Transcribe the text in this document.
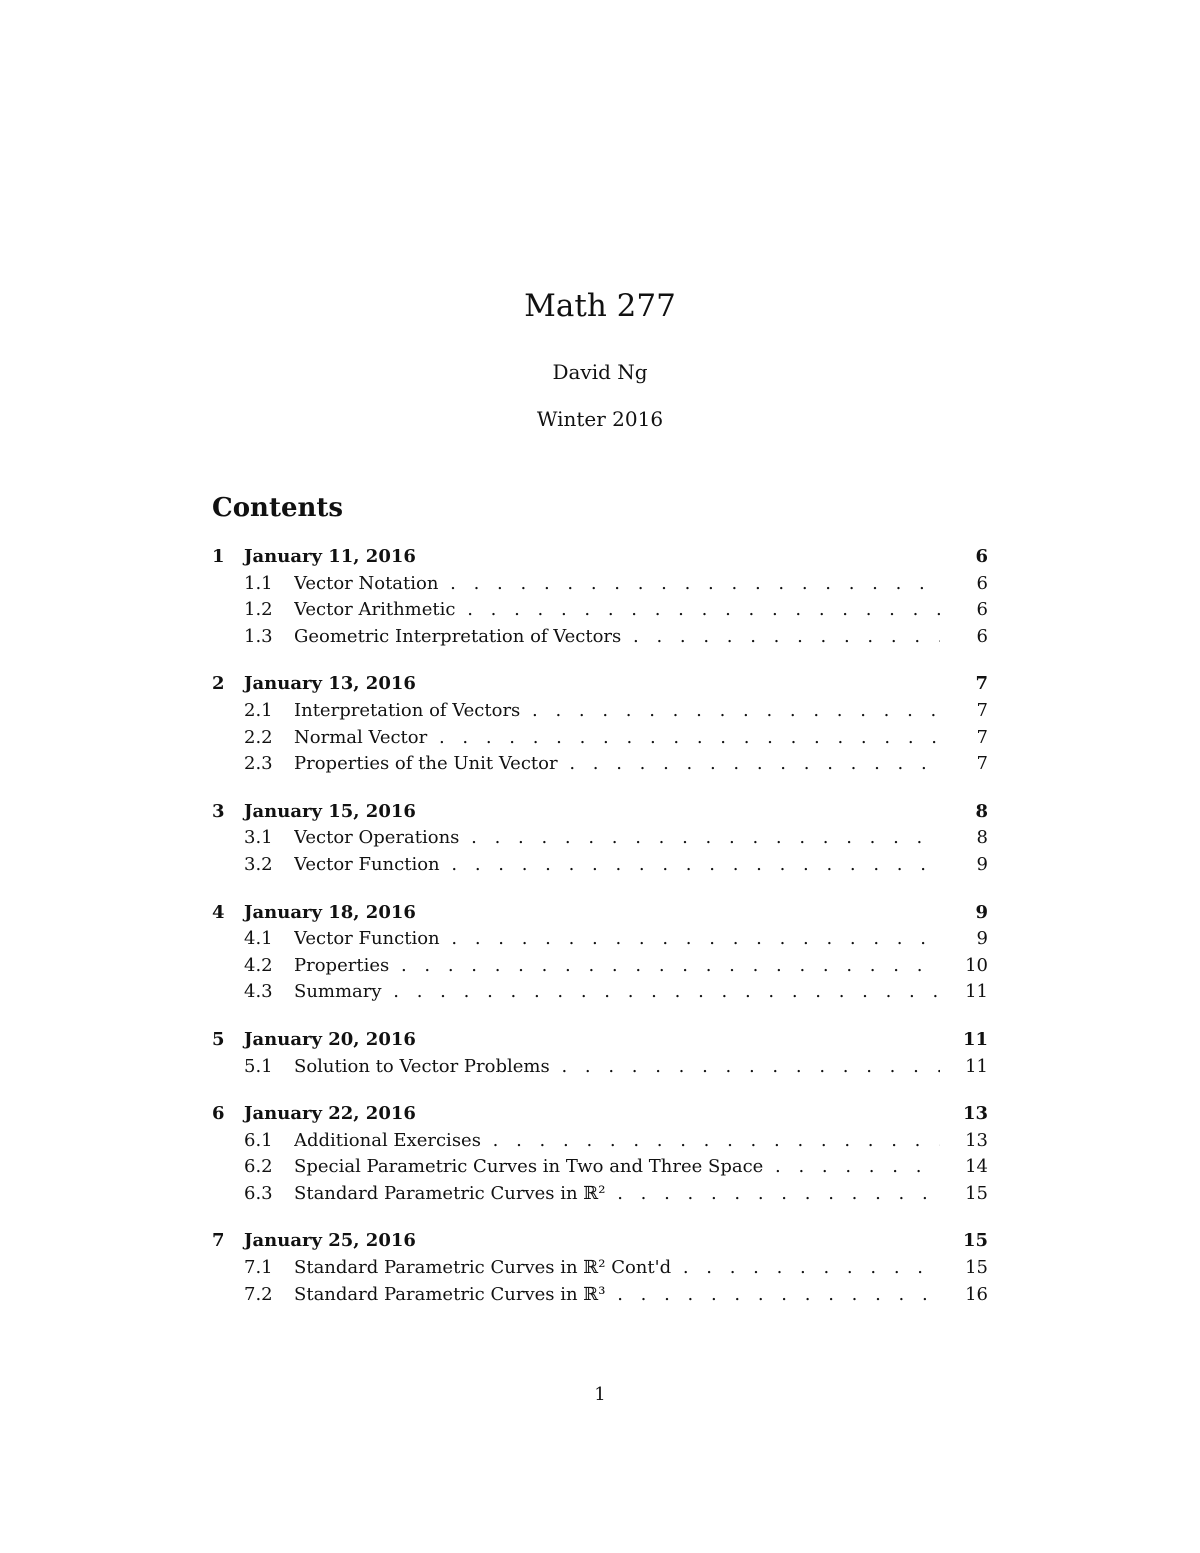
Math 277
David Ng
Winter 2016
Contents
1 January 11, 2016	6
1.1 Vector Notation . . .	6
1.2 Vector Arithmetic . . .	6
1.3 Geometric Interpretation of Vectors . . .	6
2 January 13, 2016	7
2.1 Interpretation of Vectors . . .	7
2.2 Normal Vector . . .	7
2.3 Properties of the Unit Vector . . .	7
3 January 15, 2016	8
3.1 Vector Operations . . .	8
3.2 Vector Function . . .	9
4 January 18, 2016	9
4.1 Vector Function . . .	9
4.2 Properties . . .	10
4.3 Summary . . .	11
5 January 20, 2016	11
5.1 Solution to Vector Problems . . .	11
6 January 22, 2016	13
6.1 Additional Exercises . . .	13
6.2 Special Parametric Curves in Two and Three Space . . .	14
6.3 Standard Parametric Curves in ℝ² . . .	15
7 January 25, 2016	15
7.1 Standard Parametric Curves in ℝ² Cont'd . . .	15
7.2 Standard Parametric Curves in ℝ³ . . .	16
1
